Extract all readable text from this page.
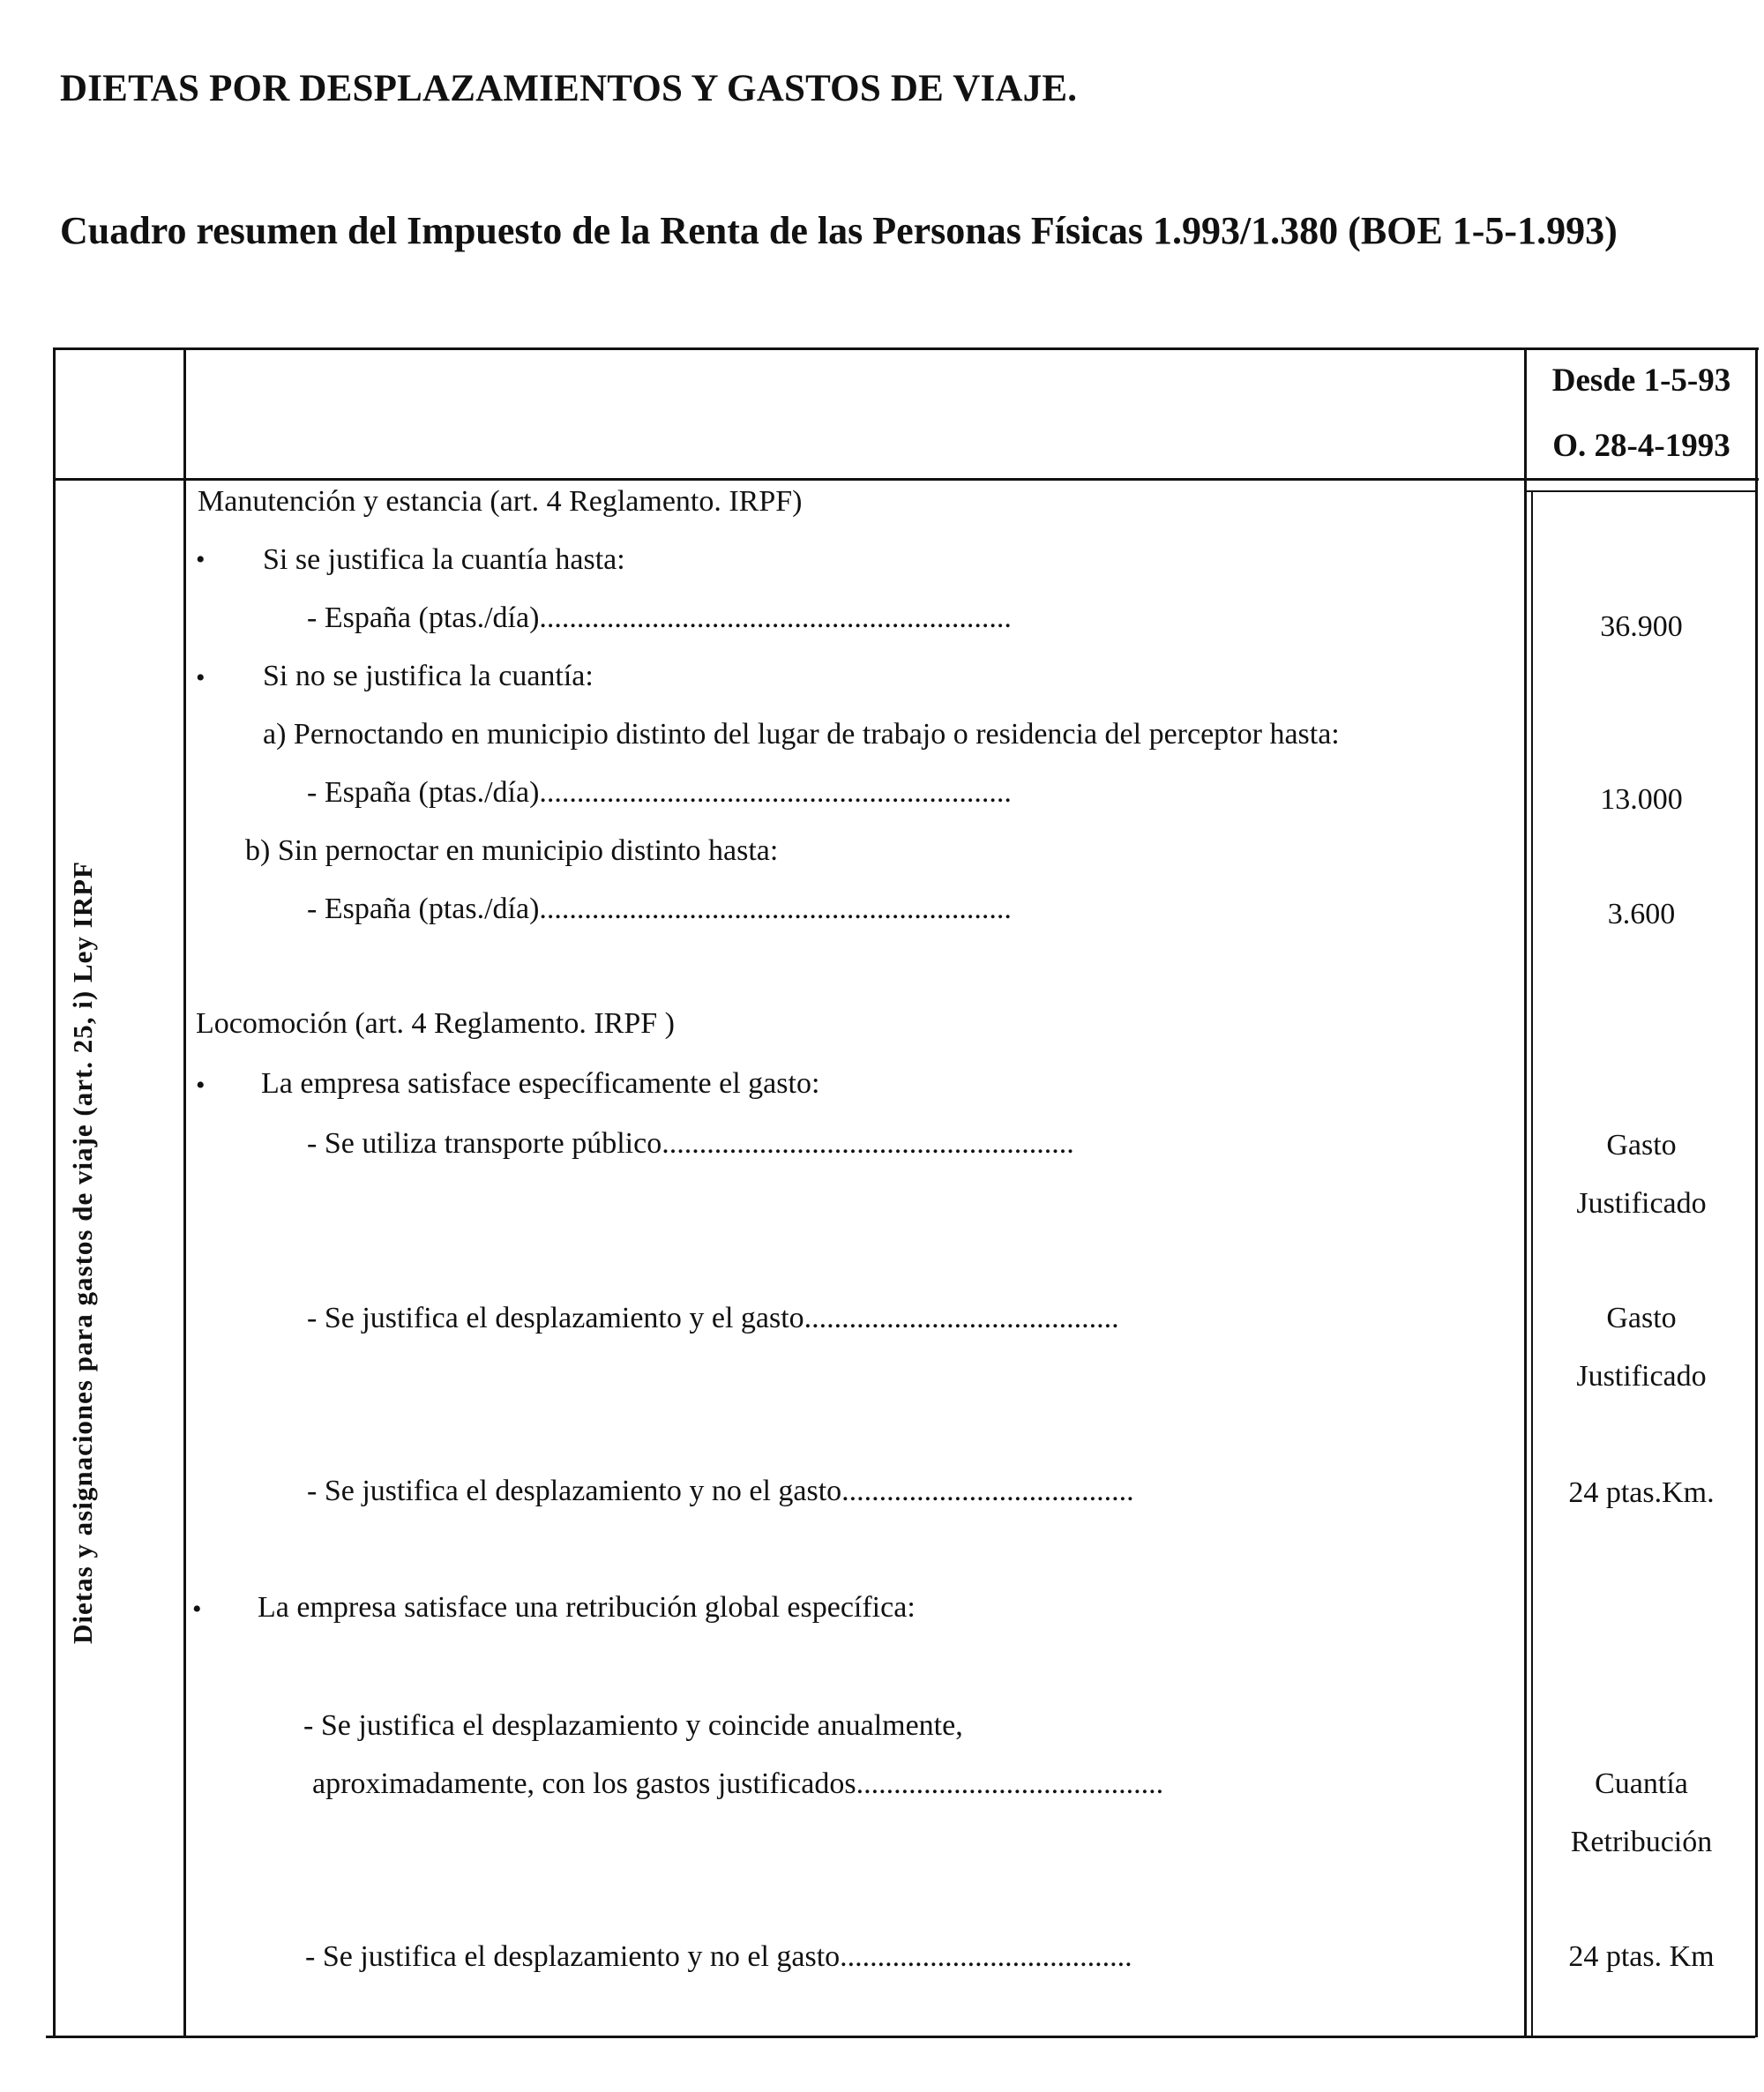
DIETAS POR DESPLAZAMIENTOS Y GASTOS DE VIAJE.
Cuadro resumen del Impuesto de la Renta de las Personas Físicas 1.993/1.380 (BOE 1-5-1.993)
Dietas y asignaciones para gastos de viaje (art. 25, i) Ley IRPF
Desde 1-5-93
O. 28-4-1993
Manutención y estancia (art. 4 Reglamento. IRPF)
• Si se justifica la cuantía hasta:
- España (ptas./día)...............................................................	36.900
• Si no se justifica la cuantía:
a) Pernoctando en municipio distinto del lugar de trabajo o residencia del perceptor hasta:
- España (ptas./día)...............................................................	13.000
b) Sin pernoctar en municipio distinto hasta:
- España (ptas./día)...............................................................	3.600
Locomoción (art. 4 Reglamento. IRPF )
• La empresa satisface específicamente el gasto:
- Se utiliza transporte público.......................................................	Gasto
Justificado
- Se justifica el desplazamiento y el gasto..........................................	Gasto
Justificado
- Se justifica el desplazamiento y no el gasto.......................................	24 ptas.Km.
• La empresa satisface una retribución global específica:
- Se justifica el desplazamiento y coincide anualmente,
aproximadamente, con los gastos justificados.........................................	Cuantía
Retribución
- Se justifica el desplazamiento y no el gasto.......................................	24 ptas. Km
